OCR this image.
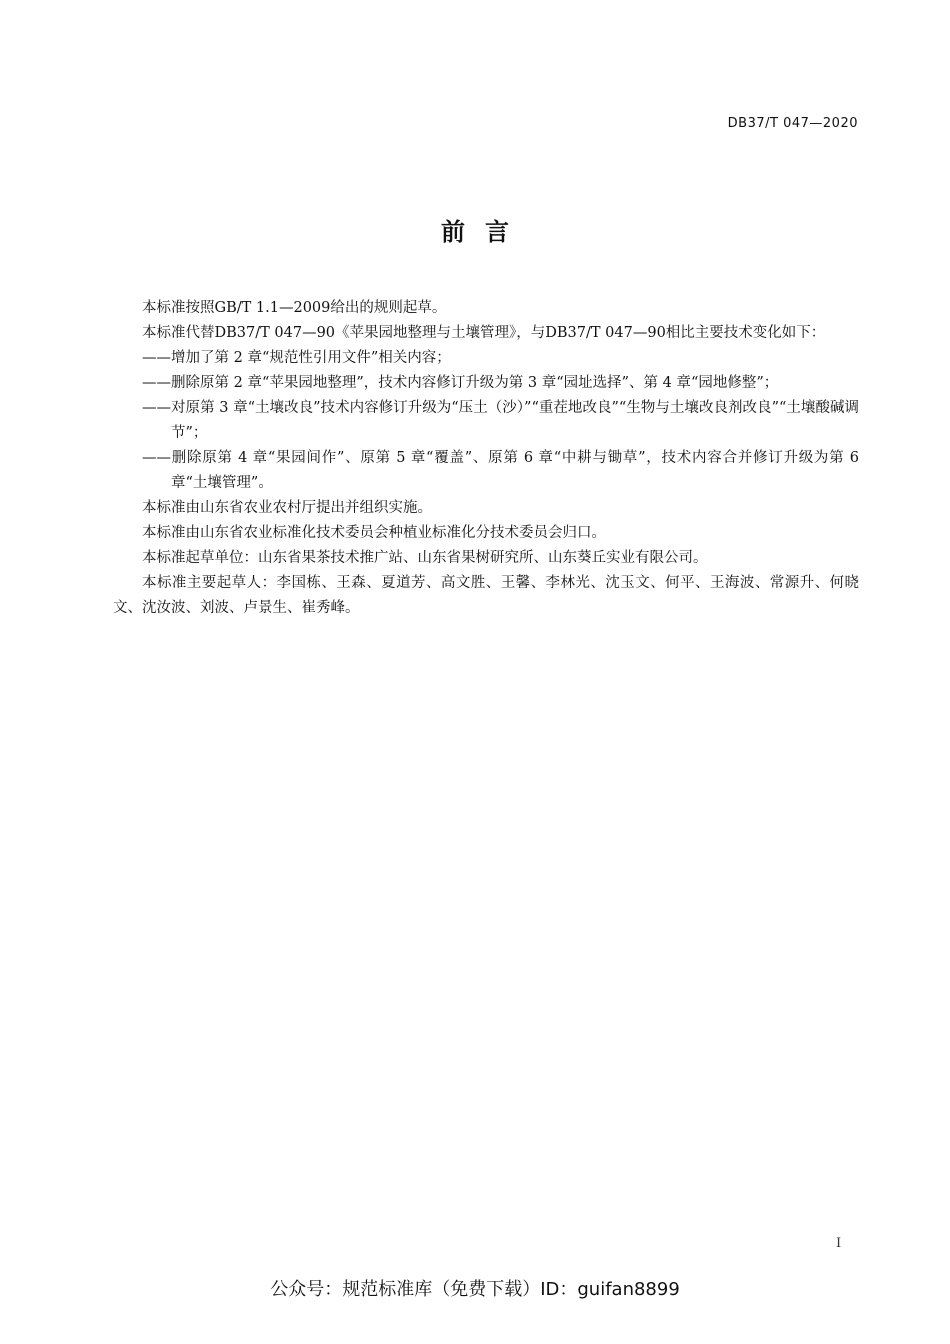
DB37/T 047—2020
前言

本标准按照GB/T 1.1—2009给出的规则起草。

本标准代替DB37/T 047—90《苹果园地整理与土壤管理》，与DB37/T 047—90相比主要技术变化如下：

——增加了第 2 章“规范性引用文件”相关内容；

——删除原第 2 章“苹果园地整理”，技术内容修订升级为第 3 章“园址选择”、第 4 章“园地修整”；

——对原第 3 章“土壤改良”技术内容修订升级为“压土（沙）”“重茬地改良”“生物与土壤改良剂改良”“土壤酸碱调节”；

——删除原第 4 章“果园间作”、原第 5 章“覆盖”、原第 6 章“中耕与锄草”，技术内容合并修订升级为第 6 章“土壤管理”。

本标准由山东省农业农村厅提出并组织实施。

本标准由山东省农业标准化技术委员会种植业标准化分技术委员会归口。

本标准起草单位：山东省果茶技术推广站、山东省果树研究所、山东葵丘实业有限公司。

本标准主要起草人：李国栋、王森、夏道芳、高文胜、王馨、李林光、沈玉文、何平、王海波、常源升、何晓文、沈汝波、刘波、卢景生、崔秀峰。

I
公众号：规范标准库（免费下载）ID：guifan8899
